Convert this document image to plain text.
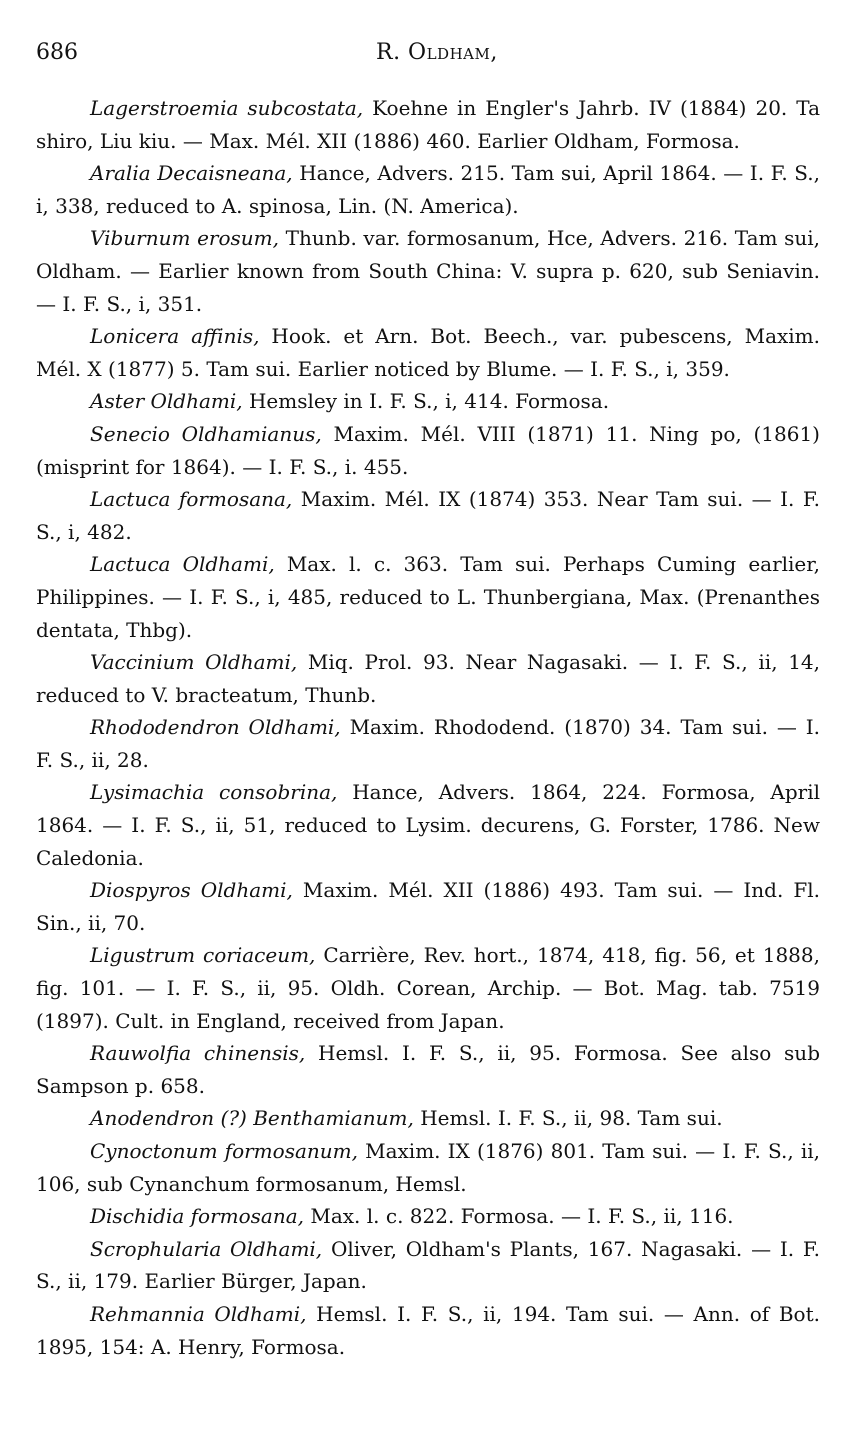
686	R. Oldham,

Lagerstroemia subcostata, Koehne in Engler's Jahrb. IV (1884) 20. Ta shiro, Liu kiu. — Max. Mél. XII (1886) 460. Earlier Oldham, Formosa.

Aralia Decaisneana, Hance, Advers. 215. Tam sui, April 1864. — I. F. S., i, 338, reduced to A. spinosa, Lin. (N. America).

Viburnum erosum, Thunb. var. formosanum, Hce, Advers. 216. Tam sui, Oldham. — Earlier known from South China: V. supra p. 620, sub Seniavin. — I. F. S., i, 351.

Lonicera affinis, Hook. et Arn. Bot. Beech., var. pubescens, Maxim. Mél. X (1877) 5. Tam sui. Earlier noticed by Blume. — I. F. S., i, 359.

Aster Oldhami, Hemsley in I. F. S., i, 414. Formosa.

Senecio Oldhamianus, Maxim. Mél. VIII (1871) 11. Ning po, (1861) (misprint for 1864). — I. F. S., i. 455.

Lactuca formosana, Maxim. Mél. IX (1874) 353. Near Tam sui. — I. F. S., i, 482.

Lactuca Oldhami, Max. l. c. 363. Tam sui. Perhaps Cuming earlier, Philippines. — I. F. S., i, 485, reduced to L. Thunbergiana, Max. (Prenanthes dentata, Thbg).

Vaccinium Oldhami, Miq. Prol. 93. Near Nagasaki. — I. F. S., ii, 14, reduced to V. bracteatum, Thunb.

Rhododendron Oldhami, Maxim. Rhododend. (1870) 34. Tam sui. — I. F. S., ii, 28.

Lysimachia consobrina, Hance, Advers. 1864, 224. Formosa, April 1864. — I. F. S., ii, 51, reduced to Lysim. decurens, G. Forster, 1786. New Caledonia.

Diospyros Oldhami, Maxim. Mél. XII (1886) 493. Tam sui. — Ind. Fl. Sin., ii, 70.

Ligustrum coriaceum, Carrière, Rev. hort., 1874, 418, fig. 56, et 1888, fig. 101. — I. F. S., ii, 95. Oldh. Corean, Archip. — Bot. Mag. tab. 7519 (1897). Cult. in England, received from Japan.

Rauwolfia chinensis, Hemsl. I. F. S., ii, 95. Formosa. See also sub Sampson p. 658.

Anodendron (?) Benthamianum, Hemsl. I. F. S., ii, 98. Tam sui.

Cynoctonum formosanum, Maxim. IX (1876) 801. Tam sui. — I. F. S., ii, 106, sub Cynanchum formosanum, Hemsl.

Dischidia formosana, Max. l. c. 822. Formosa. — I. F. S., ii, 116.

Scrophularia Oldhami, Oliver, Oldham's Plants, 167. Nagasaki. — I. F. S., ii, 179. Earlier Bürger, Japan.

Rehmannia Oldhami, Hemsl. I. F. S., ii, 194. Tam sui. — Ann. of Bot. 1895, 154: A. Henry, Formosa.
